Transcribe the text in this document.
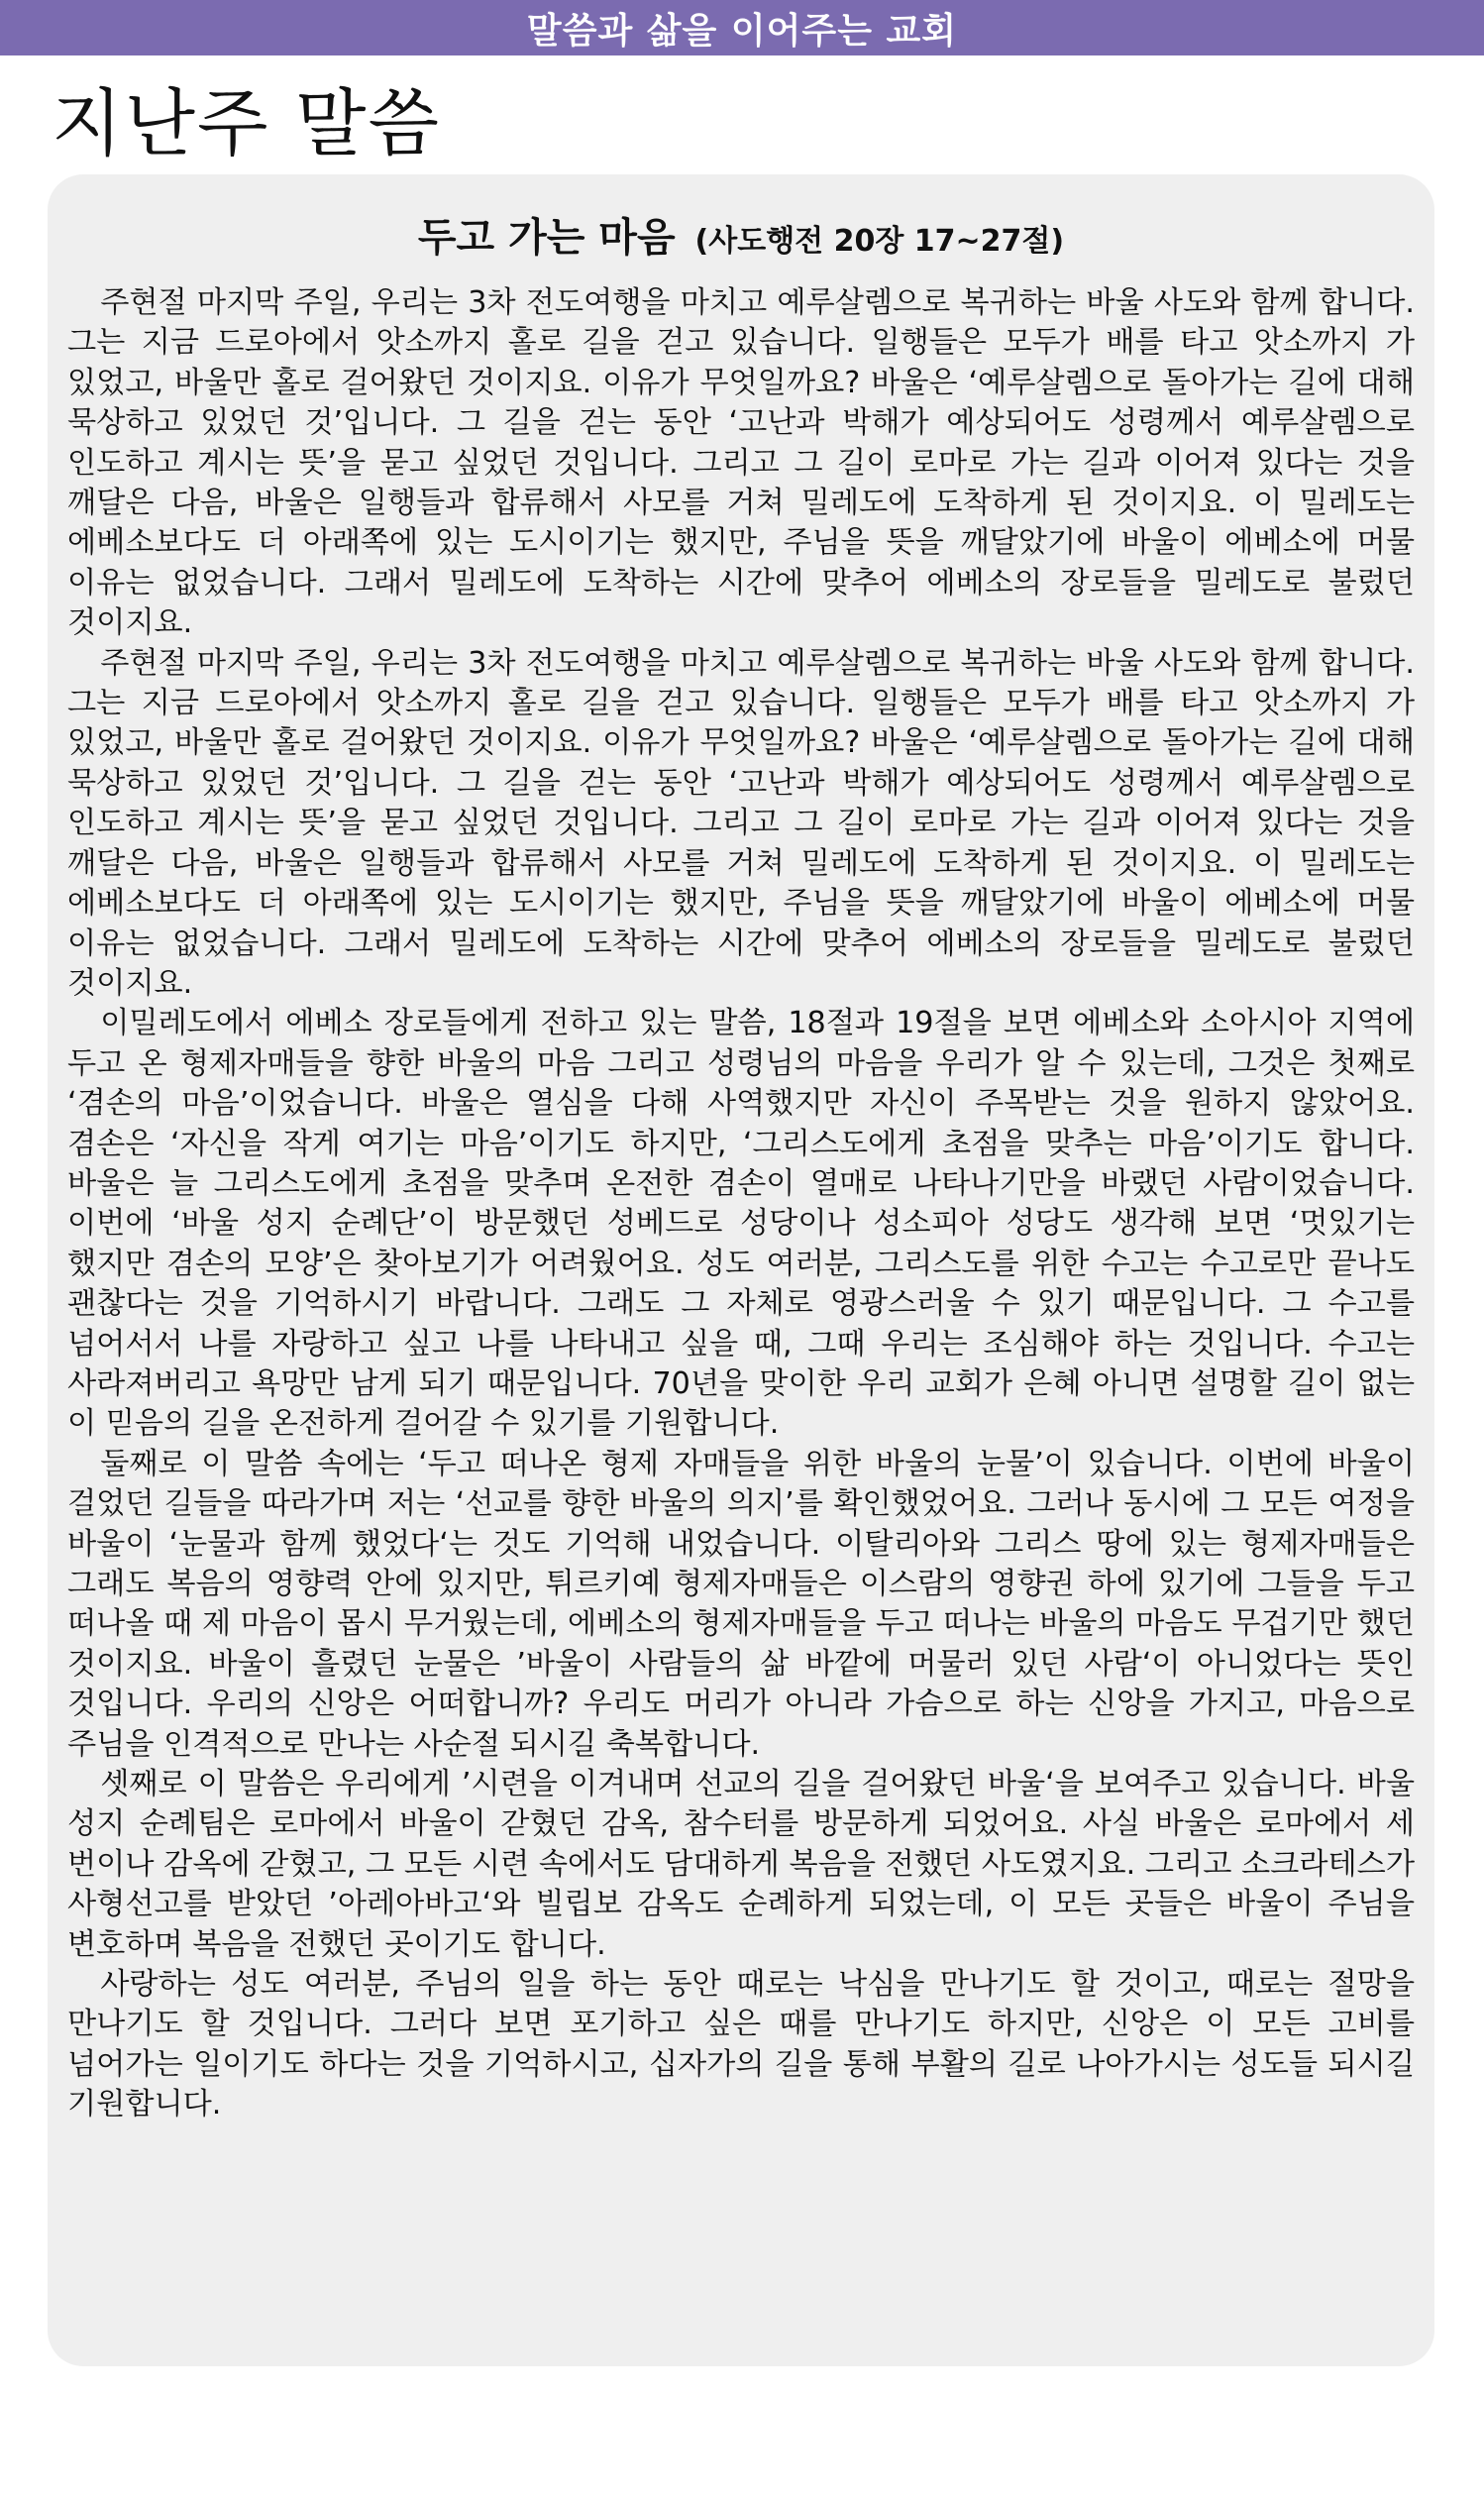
말씀과 삶을 이어주는 교회
지난주 말씀
두고 가는 마음 (사도행전 20장 17~27절)

주현절 마지막 주일, 우리는 3차 전도여행을 마치고 예루살렘으로 복귀하는 바울 사도와 함께 합니다. 그는 지금 드로아에서 앗소까지 홀로 길을 걷고 있습니다. 일행들은 모두가 배를 타고 앗소까지 가 있었고, 바울만 홀로 걸어왔던 것이지요. 이유가 무엇일까요? 바울은 ‘예루살렘으로 돌아가는 길에 대해 묵상하고 있었던 것’입니다. 그 길을 걷는 동안 ‘고난과 박해가 예상되어도 성령께서 예루살렘으로 인도하고 계시는 뜻’을 묻고 싶었던 것입니다. 그리고 그 길이 로마로 가는 길과 이어져 있다는 것을 깨달은 다음, 바울은 일행들과 합류해서 사모를 거쳐 밀레도에 도착하게 된 것이지요. 이 밀레도는 에베소보다도 더 아래쪽에 있는 도시이기는 했지만, 주님을 뜻을 깨달았기에 바울이 에베소에 머물 이유는 없었습니다. 그래서 밀레도에 도착하는 시간에 맞추어 에베소의 장로들을 밀레도로 불렀던 것이지요.

주현절 마지막 주일, 우리는 3차 전도여행을 마치고 예루살렘으로 복귀하는 바울 사도와 함께 합니다. 그는 지금 드로아에서 앗소까지 홀로 길을 걷고 있습니다. 일행들은 모두가 배를 타고 앗소까지 가 있었고, 바울만 홀로 걸어왔던 것이지요. 이유가 무엇일까요? 바울은 ‘예루살렘으로 돌아가는 길에 대해 묵상하고 있었던 것’입니다. 그 길을 걷는 동안 ‘고난과 박해가 예상되어도 성령께서 예루살렘으로 인도하고 계시는 뜻’을 묻고 싶었던 것입니다. 그리고 그 길이 로마로 가는 길과 이어져 있다는 것을 깨달은 다음, 바울은 일행들과 합류해서 사모를 거쳐 밀레도에 도착하게 된 것이지요. 이 밀레도는 에베소보다도 더 아래쪽에 있는 도시이기는 했지만, 주님을 뜻을 깨달았기에 바울이 에베소에 머물 이유는 없었습니다. 그래서 밀레도에 도착하는 시간에 맞추어 에베소의 장로들을 밀레도로 불렀던 것이지요.

이밀레도에서 에베소 장로들에게 전하고 있는 말씀, 18절과 19절을 보면 에베소와 소아시아 지역에 두고 온 형제자매들을 향한 바울의 마음 그리고 성령님의 마음을 우리가 알 수 있는데, 그것은 첫째로 ‘겸손의 마음’이었습니다. 바울은 열심을 다해 사역했지만 자신이 주목받는 것을 원하지 않았어요. 겸손은 ‘자신을 작게 여기는 마음’이기도 하지만, ‘그리스도에게 초점을 맞추는 마음’이기도 합니다. 바울은 늘 그리스도에게 초점을 맞추며 온전한 겸손이 열매로 나타나기만을 바랬던 사람이었습니다. 이번에 ‘바울 성지 순례단’이 방문했던 성베드로 성당이나 성소피아 성당도 생각해 보면 ‘멋있기는 했지만 겸손의 모양’은 찾아보기가 어려웠어요. 성도 여러분, 그리스도를 위한 수고는 수고로만 끝나도 괜찮다는 것을 기억하시기 바랍니다. 그래도 그 자체로 영광스러울 수 있기 때문입니다. 그 수고를 넘어서서 나를 자랑하고 싶고 나를 나타내고 싶을 때, 그때 우리는 조심해야 하는 것입니다. 수고는 사라져버리고 욕망만 남게 되기 때문입니다. 70년을 맞이한 우리 교회가 은혜 아니면 설명할 길이 없는 이 믿음의 길을 온전하게 걸어갈 수 있기를 기원합니다.

둘째로 이 말씀 속에는 ‘두고 떠나온 형제 자매들을 위한 바울의 눈물’이 있습니다. 이번에 바울이 걸었던 길들을 따라가며 저는 ‘선교를 향한 바울의 의지’를 확인했었어요. 그러나 동시에 그 모든 여정을 바울이 ‘눈물과 함께 했었다‘는 것도 기억해 내었습니다. 이탈리아와 그리스 땅에 있는 형제자매들은 그래도 복음의 영향력 안에 있지만, 튀르키예 형제자매들은 이스람의 영향권 하에 있기에 그들을 두고 떠나올 때 제 마음이 몹시 무거웠는데, 에베소의 형제자매들을 두고 떠나는 바울의 마음도 무겁기만 했던 것이지요. 바울이 흘렸던 눈물은 ’바울이 사람들의 삶 바깥에 머물러 있던 사람‘이 아니었다는 뜻인 것입니다. 우리의 신앙은 어떠합니까? 우리도 머리가 아니라 가슴으로 하는 신앙을 가지고, 마음으로 주님을 인격적으로 만나는 사순절 되시길 축복합니다.

셋째로 이 말씀은 우리에게 ’시련을 이겨내며 선교의 길을 걸어왔던 바울‘을 보여주고 있습니다. 바울 성지 순례팀은 로마에서 바울이 갇혔던 감옥, 참수터를 방문하게 되었어요. 사실 바울은 로마에서 세 번이나 감옥에 갇혔고, 그 모든 시련 속에서도 담대하게 복음을 전했던 사도였지요. 그리고 소크라테스가 사형선고를 받았던 ’아레아바고‘와 빌립보 감옥도 순례하게 되었는데, 이 모든 곳들은 바울이 주님을 변호하며 복음을 전했던 곳이기도 합니다.

사랑하는 성도 여러분, 주님의 일을 하는 동안 때로는 낙심을 만나기도 할 것이고, 때로는 절망을 만나기도 할 것입니다. 그러다 보면 포기하고 싶은 때를 만나기도 하지만, 신앙은 이 모든 고비를 넘어가는 일이기도 하다는 것을 기억하시고, 십자가의 길을 통해 부활의 길로 나아가시는 성도들 되시길 기원합니다.
